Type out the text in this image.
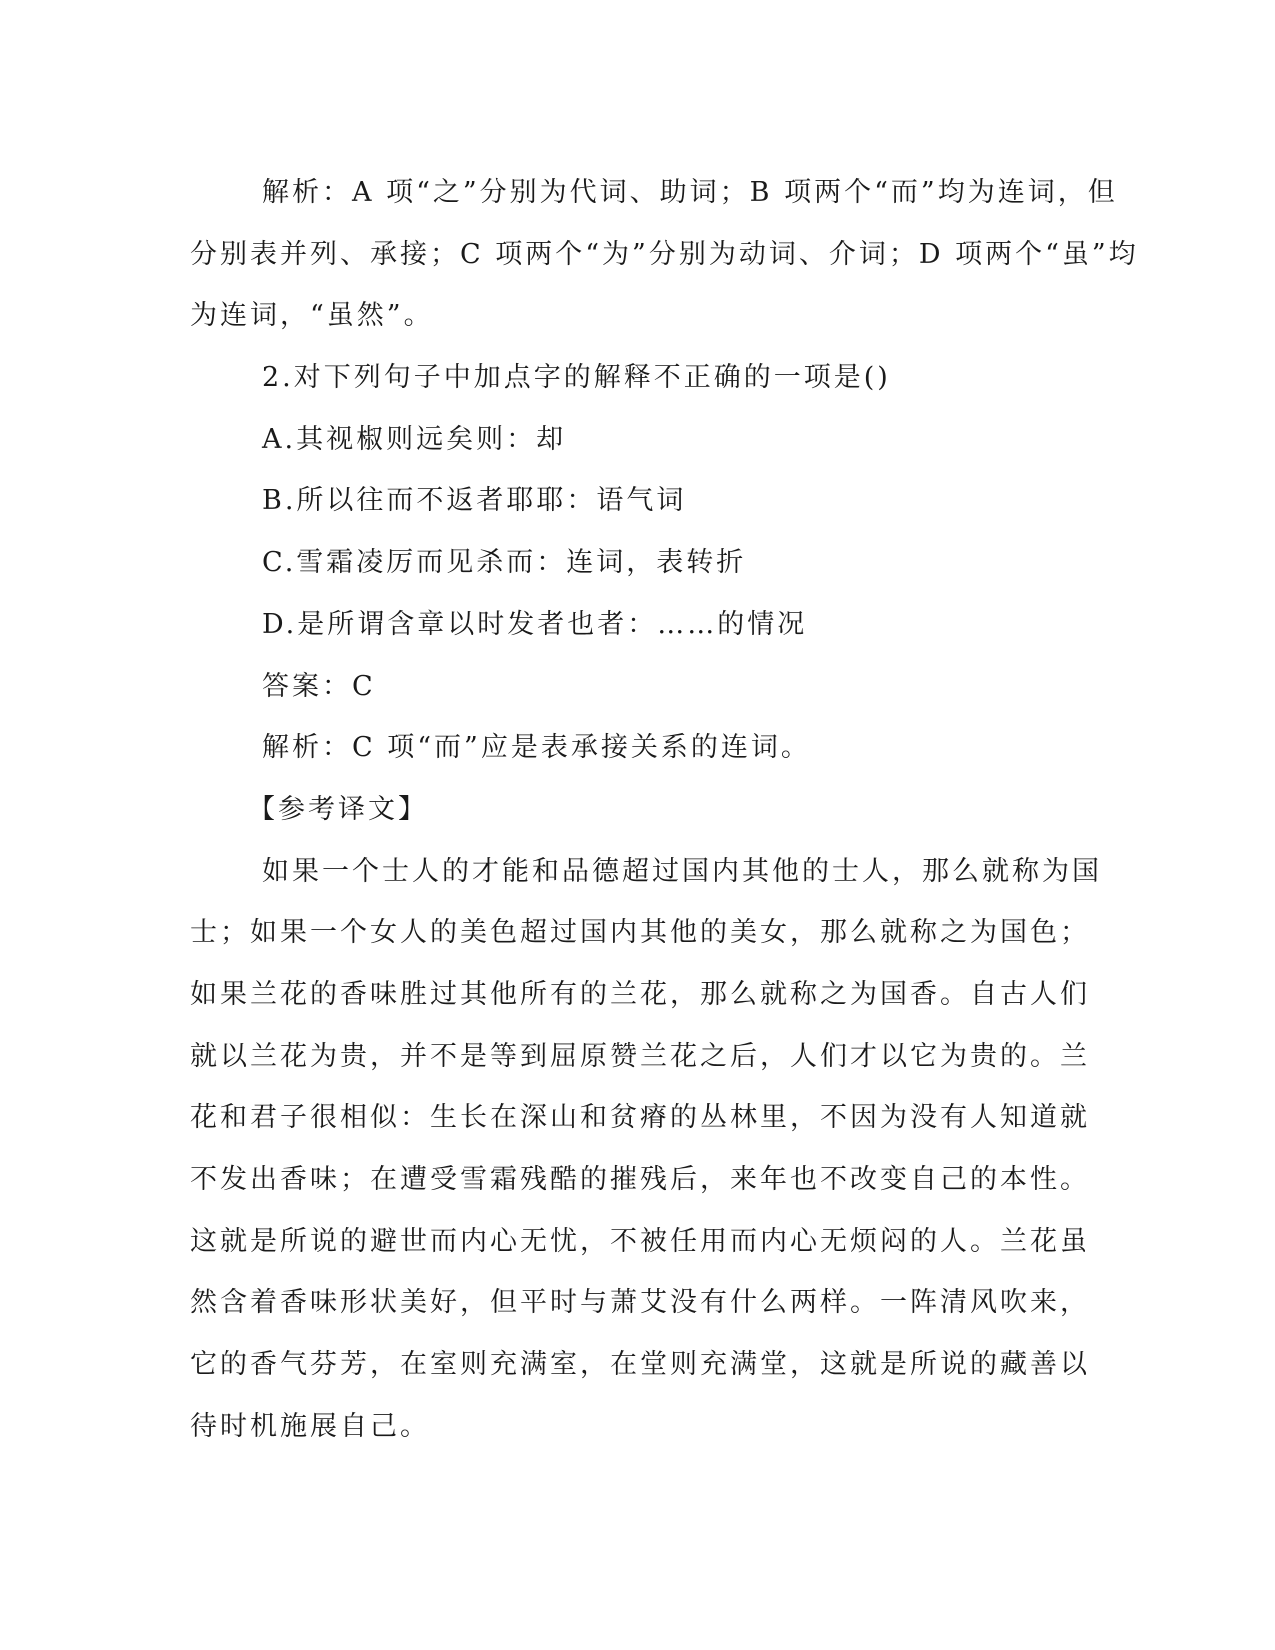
解析：A 项“之”分别为代词、助词；B 项两个“而”均为连词，但
分别表并列、承接；C 项两个“为”分别为动词、介词；D 项两个“虽”均
为连词，“虽然”。
2.对下列句子中加点字的解释不正确的一项是()
A.其视椒则远矣则：却
B.所以往而不返者耶耶：语气词
C.雪霜凌厉而见杀而：连词，表转折
D.是所谓含章以时发者也者：……的情况
答案：C
解析：C 项“而”应是表承接关系的连词。
【参考译文】
如果一个士人的才能和品德超过国内其他的士人，那么就称为国
士；如果一个女人的美色超过国内其他的美女，那么就称之为国色；
如果兰花的香味胜过其他所有的兰花，那么就称之为国香。自古人们
就以兰花为贵，并不是等到屈原赞兰花之后，人们才以它为贵的。兰
花和君子很相似：生长在深山和贫瘠的丛林里，不因为没有人知道就
不发出香味；在遭受雪霜残酷的摧残后，来年也不改变自己的本性。
这就是所说的避世而内心无忧，不被任用而内心无烦闷的人。兰花虽
然含着香味形状美好，但平时与萧艾没有什么两样。一阵清风吹来，
它的香气芬芳，在室则充满室，在堂则充满堂，这就是所说的藏善以
待时机施展自己。
